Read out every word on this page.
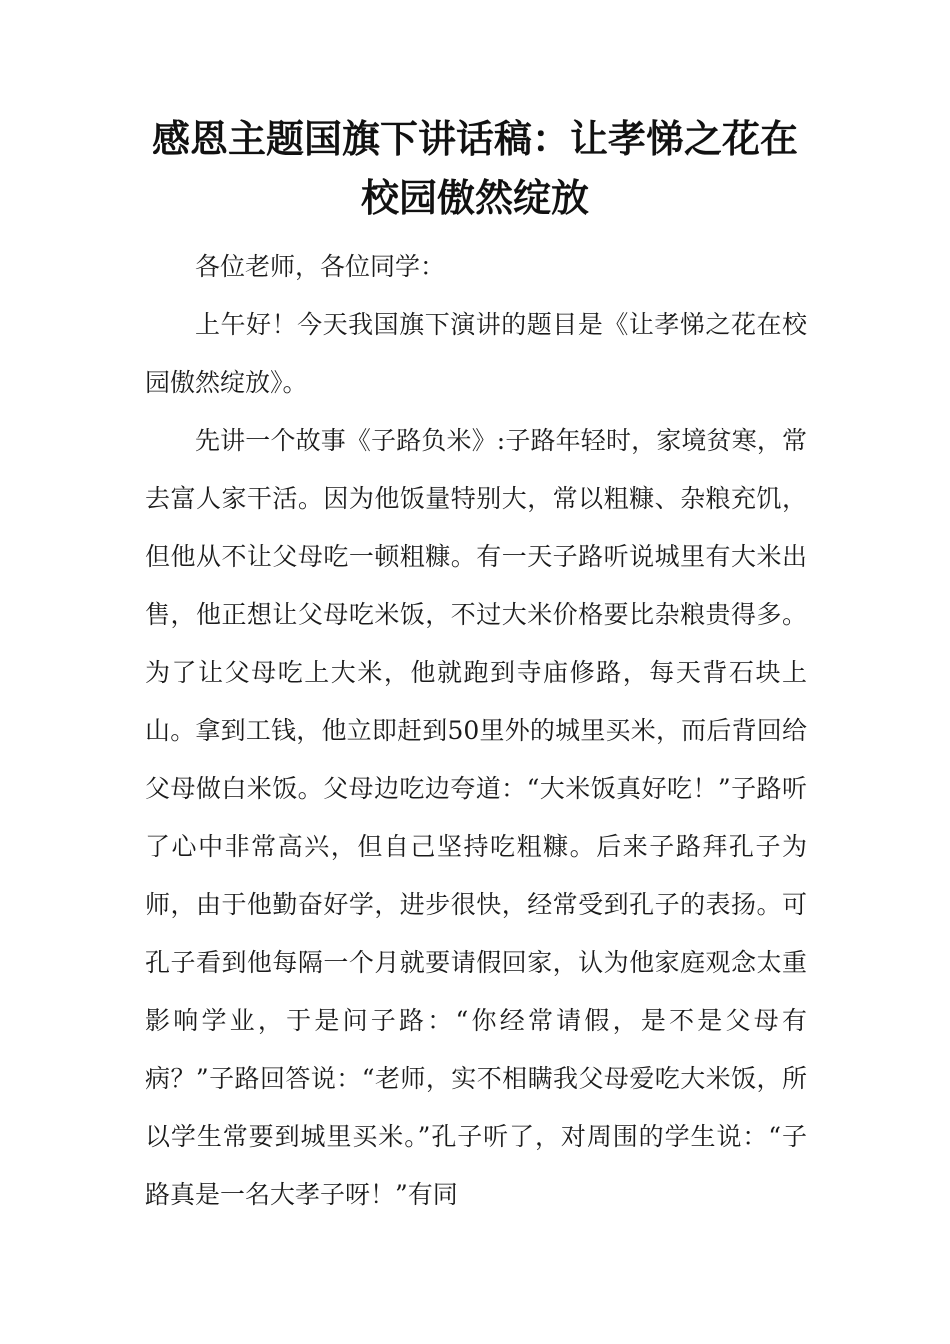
感恩主题国旗下讲话稿：让孝悌之花在
校园傲然绽放

各位老师，各位同学：

上午好！今天我国旗下演讲的题目是《让孝悌之花在校园傲然绽放》。

先讲一个故事《子路负米》:子路年轻时，家境贫寒，常去富人家干活。因为他饭量特别大，常以粗糠、杂粮充饥，但他从不让父母吃一顿粗糠。有一天子路听说城里有大米出售，他正想让父母吃米饭，不过大米价格要比杂粮贵得多。为了让父母吃上大米，他就跑到寺庙修路，每天背石块上山。拿到工钱，他立即赶到50里外的城里买米，而后背回给父母做白米饭。父母边吃边夸道：“大米饭真好吃！”子路听了心中非常高兴，但自己坚持吃粗糠。后来子路拜孔子为师，由于他勤奋好学，进步很快，经常受到孔子的表扬。可孔子看到他每隔一个月就要请假回家，认为他家庭观念太重影响学业，于是问子路：“你经常请假，是不是父母有病？”子路回答说：“老师，实不相瞒我父母爱吃大米饭，所以学生常要到城里买米。”孔子听了，对周围的学生说：“子路真是一名大孝子呀！”有同
